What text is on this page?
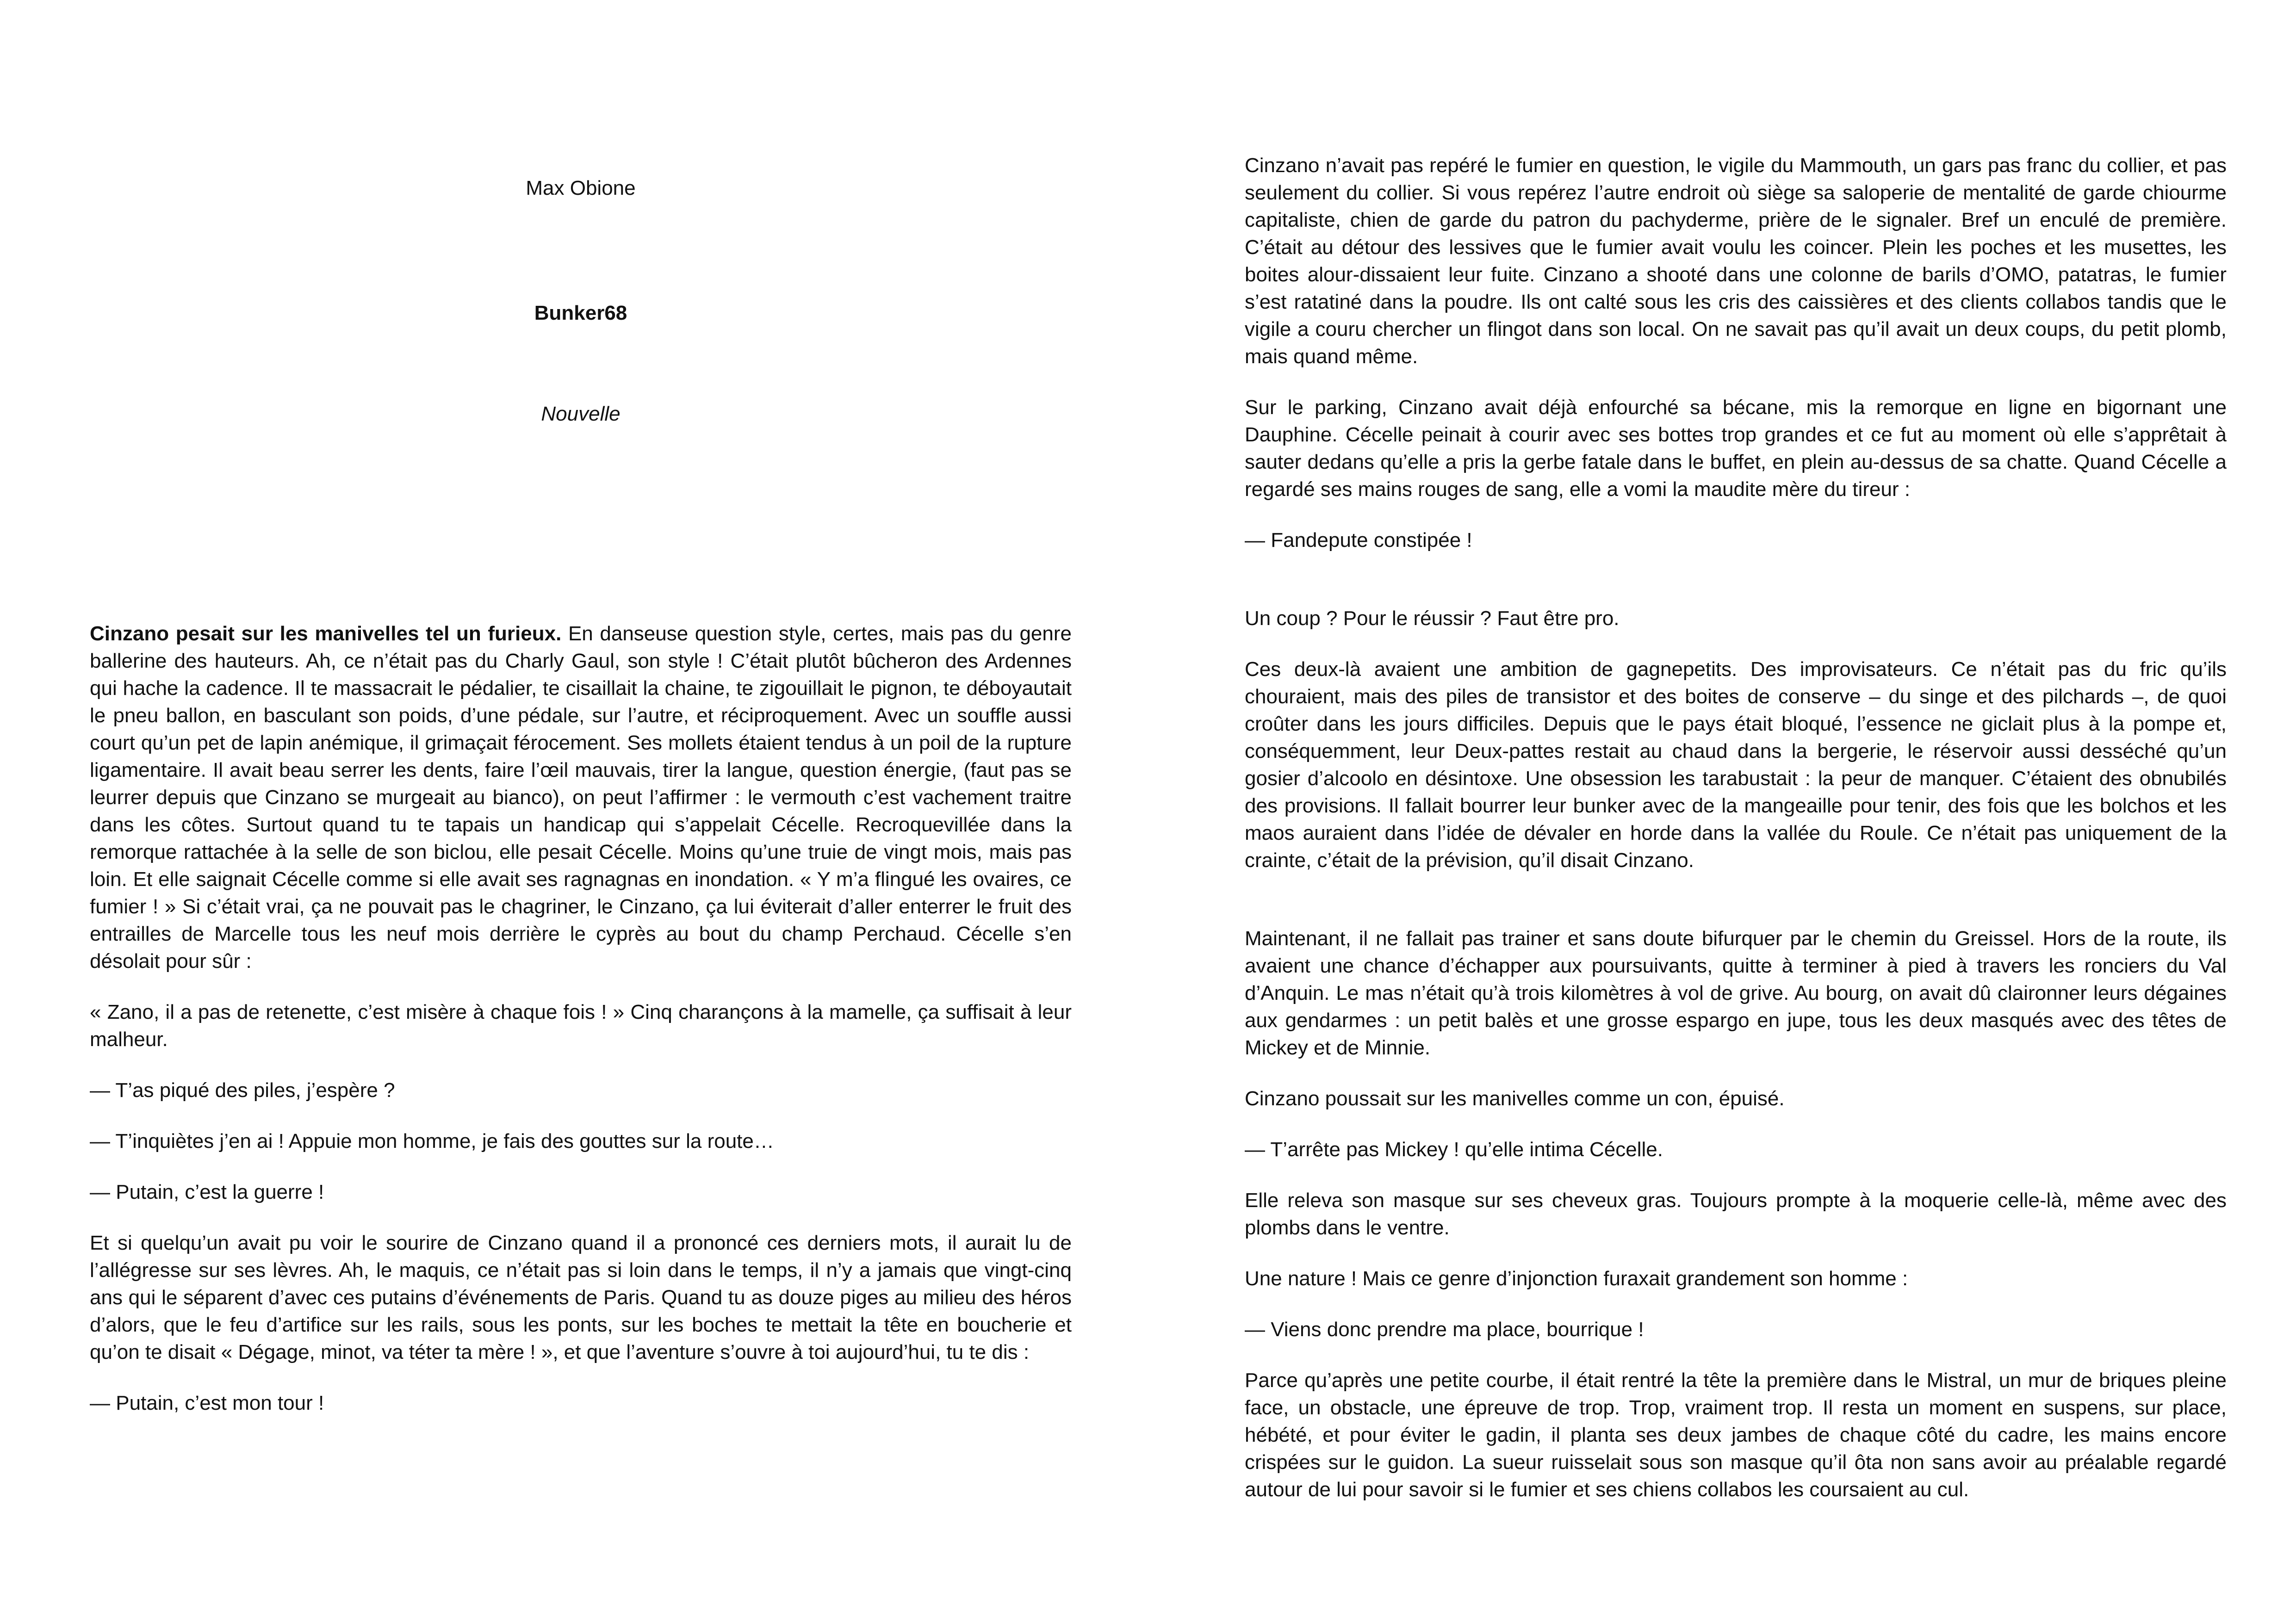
Max Obione

Bunker68

Nouvelle

Cinzano pesait sur les manivelles tel un furieux. En danseuse question style, certes, mais pas du genre ballerine des hauteurs. Ah, ce n’était pas du Charly Gaul, son style ! C’était plutôt bûcheron des Ardennes qui hache la cadence. Il te massacrait le pédalier, te cisaillait la chaine, te zigouillait le pignon, te déboyautait le pneu ballon, en basculant son poids, d’une pédale, sur l’autre, et réciproquement. Avec un souffle aussi court qu’un pet de lapin anémique, il grimaçait férocement. Ses mollets étaient tendus à un poil de la rupture ligamentaire. Il avait beau serrer les dents, faire l’œil mauvais, tirer la langue, question énergie, (faut pas se leurrer depuis que Cinzano se murgeait au bianco), on peut l’affirmer : le vermouth c’est vachement traitre dans les côtes. Surtout quand tu te tapais un handicap qui s’appelait Cécelle. Recroquevillée dans la remorque rattachée à la selle de son biclou, elle pesait Cécelle. Moins qu’une truie de vingt mois, mais pas loin. Et elle saignait Cécelle comme si elle avait ses ragnagnas en inondation. « Y m’a flingué les ovaires, ce fumier ! » Si c’était vrai, ça ne pouvait pas le chagriner, le Cinzano, ça lui éviterait d’aller enterrer le fruit des entrailles de Marcelle tous les neuf mois derrière le cyprès au bout du champ Perchaud. Cécelle s’en désolait pour sûr :

« Zano, il a pas de retenette, c’est misère à chaque fois ! » Cinq charançons à la mamelle, ça suffisait à leur malheur.

— T’as piqué des piles, j’espère ?

— T’inquiètes j’en ai ! Appuie mon homme, je fais des gouttes sur la route…

— Putain, c’est la guerre !

Et si quelqu’un avait pu voir le sourire de Cinzano quand il a prononcé ces derniers mots, il aurait lu de l’allégresse sur ses lèvres. Ah, le maquis, ce n’était pas si loin dans le temps, il n’y a jamais que vingt-cinq ans qui le séparent d’avec ces putains d’événements de Paris. Quand tu as douze piges au milieu des héros d’alors, que le feu d’artifice sur les rails, sous les ponts, sur les boches te mettait la tête en boucherie et qu’on te disait « Dégage, minot, va téter ta mère ! », et que l’aventure s’ouvre à toi aujourd’hui, tu te dis :

— Putain, c’est mon tour !

Cinzano n’avait pas repéré le fumier en question, le vigile du Mammouth, un gars pas franc du collier, et pas seulement du collier. Si vous repérez l’autre endroit où siège sa saloperie de mentalité de garde chiourme capitaliste, chien de garde du patron du pachyderme, prière de le signaler. Bref un enculé de première. C’était au détour des lessives que le fumier avait voulu les coincer. Plein les poches et les musettes, les boites alour-dissaient leur fuite. Cinzano a shooté dans une colonne de barils d’OMO, patatras, le fumier s’est ratatiné dans la poudre. Ils ont calté sous les cris des caissières et des clients collabos tandis que le vigile a couru chercher un flingot dans son local. On ne savait pas qu’il avait un deux coups, du petit plomb, mais quand même.

Sur le parking, Cinzano avait déjà enfourché sa bécane, mis la remorque en ligne en bigornant une Dauphine. Cécelle peinait à courir avec ses bottes trop grandes et ce fut au moment où elle s’apprêtait à sauter dedans qu’elle a pris la gerbe fatale dans le buffet, en plein au-dessus de sa chatte. Quand Cécelle a regardé ses mains rouges de sang, elle a vomi la maudite mère du tireur :

— Fandepute constipée !

Un coup ? Pour le réussir ? Faut être pro.

Ces deux-là avaient une ambition de gagnepetits. Des improvisateurs. Ce n’était pas du fric qu’ils chouraient, mais des piles de transistor et des boites de conserve – du singe et des pilchards –, de quoi croûter dans les jours difficiles. Depuis que le pays était bloqué, l’essence ne giclait plus à la pompe et, conséquemment, leur Deux-pattes restait au chaud dans la bergerie, le réservoir aussi desséché qu’un gosier d’alcoolo en désintoxe. Une obsession les tarabustait : la peur de manquer. C’étaient des obnubilés des provisions. Il fallait bourrer leur bunker avec de la mangeaille pour tenir, des fois que les bolchos et les maos auraient dans l’idée de dévaler en horde dans la vallée du Roule. Ce n’était pas uniquement de la crainte, c’était de la prévision, qu’il disait Cinzano.

Maintenant, il ne fallait pas trainer et sans doute bifurquer par le chemin du Greissel. Hors de la route, ils avaient une chance d’échapper aux poursuivants, quitte à terminer à pied à travers les ronciers du Val d’Anquin. Le mas n’était qu’à trois kilomètres à vol de grive. Au bourg, on avait dû claironner leurs dégaines aux gendarmes : un petit balès et une grosse espargo en jupe, tous les deux masqués avec des têtes de Mickey et de Minnie.

Cinzano poussait sur les manivelles comme un con, épuisé.

— T’arrête pas Mickey ! qu’elle intima Cécelle.

Elle releva son masque sur ses cheveux gras. Toujours prompte à la moquerie celle-là, même avec des plombs dans le ventre.

Une nature ! Mais ce genre d’injonction furaxait grandement son homme :

— Viens donc prendre ma place, bourrique !

Parce qu’après une petite courbe, il était rentré la tête la première dans le Mistral, un mur de briques pleine face, un obstacle, une épreuve de trop. Trop, vraiment trop. Il resta un moment en suspens, sur place, hébété, et pour éviter le gadin, il planta ses deux jambes de chaque côté du cadre, les mains encore crispées sur le guidon. La sueur ruisselait sous son masque qu’il ôta non sans avoir au préalable regardé autour de lui pour savoir si le fumier et ses chiens collabos les coursaient au cul.
